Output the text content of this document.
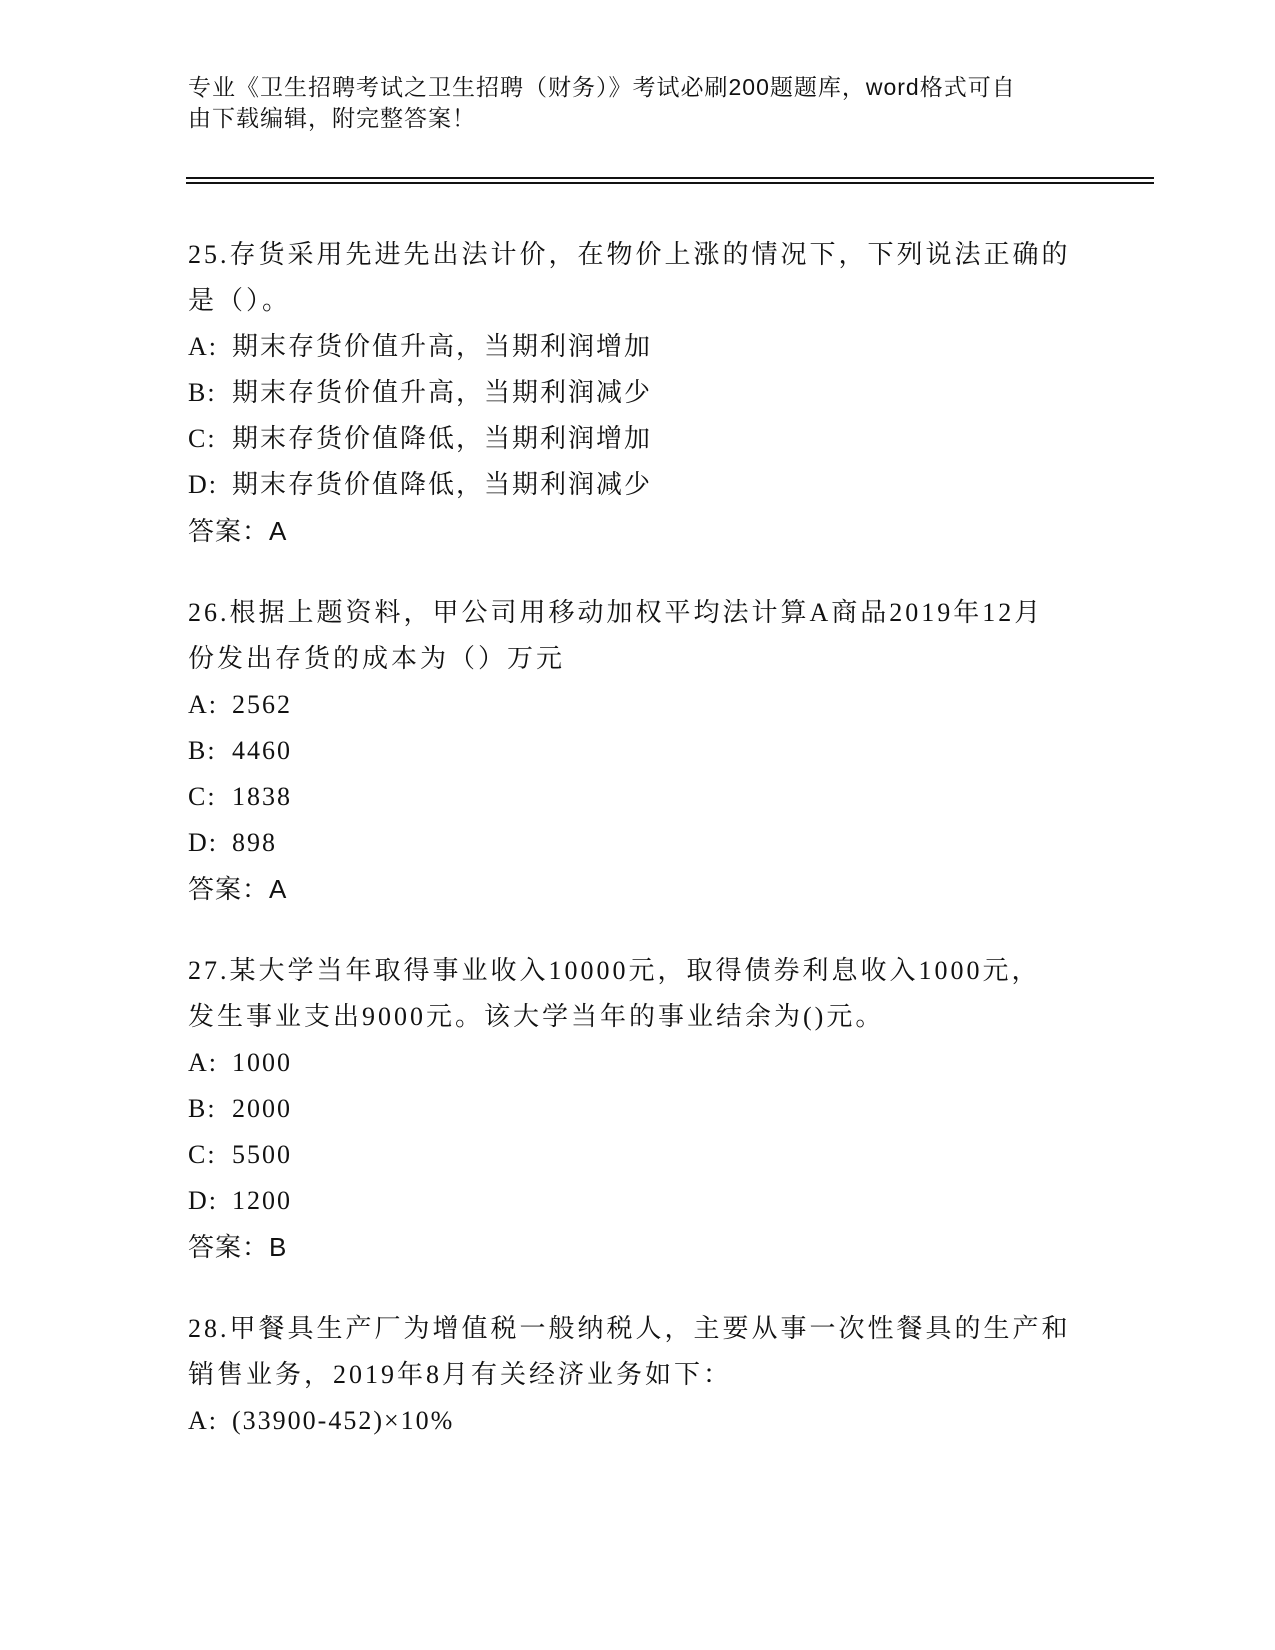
专业《卫生招聘考试之卫生招聘（财务）》考试必刷200题题库，word格式可自
由下载编辑，附完整答案！
25.存货采用先进先出法计价，在物价上涨的情况下，下列说法正确的
是（）。
A: 期末存货价值升高，当期利润增加
B: 期末存货价值升高，当期利润减少
C: 期末存货价值降低，当期利润增加
D: 期末存货价值降低，当期利润减少
答案：A
26.根据上题资料，甲公司用移动加权平均法计算A商品2019年12月
份发出存货的成本为（）万元
A: 2562
B: 4460
C: 1838
D: 898
答案：A
27.某大学当年取得事业收入10000元，取得债券利息收入1000元，
发生事业支出9000元。该大学当年的事业结余为()元。
A: 1000
B: 2000
C: 5500
D: 1200
答案：B
28.甲餐具生产厂为增值税一般纳税人，主要从事一次性餐具的生产和
销售业务，2019年8月有关经济业务如下：
A: (33900-452)×10%
